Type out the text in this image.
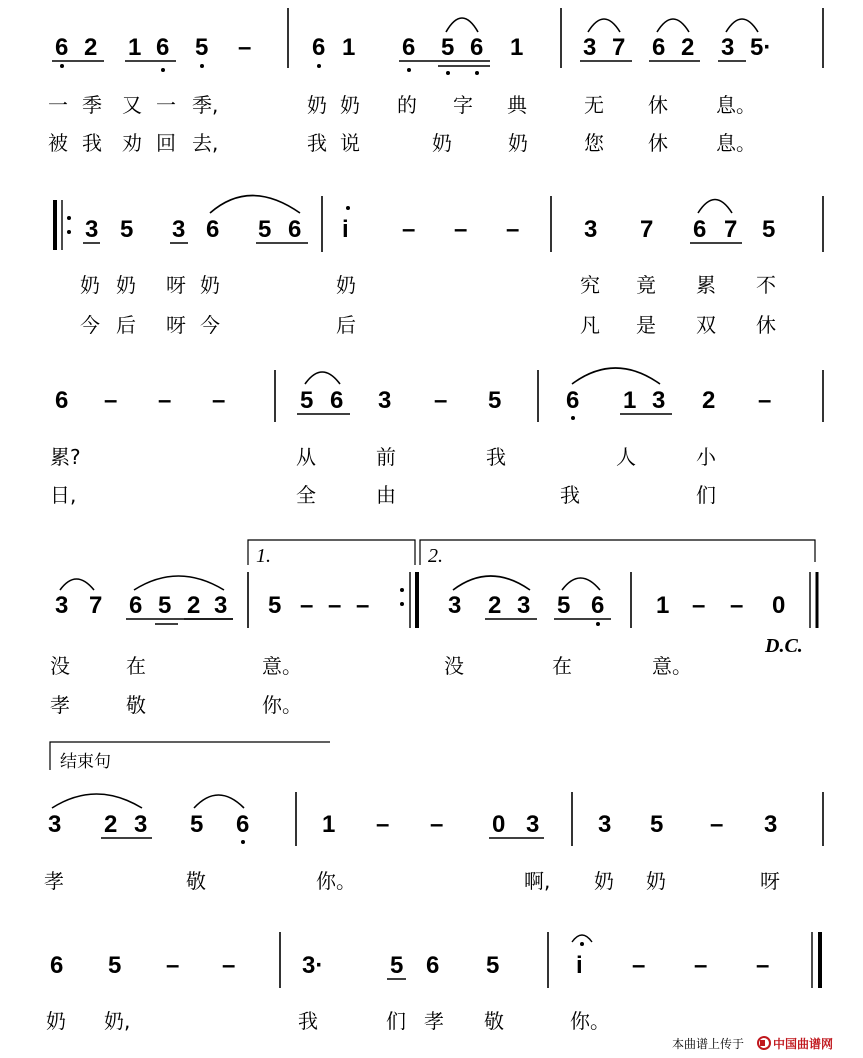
6 2 1 6 5 –	6 1 6 5 6 1 3 7 6 2 3 5·
一 季 又 一 季,	奶 奶 的 字 典	无 休 息。
被 我 劝 回 去,	我 说	奶	奶	您 休 息。
3 5 3 6 5 6 i – – –	3 7 6 7 5
奶 奶 呀 奶	奶	究 竟 累 不
今 后 呀 今	后	凡 是 双 休
6 – – –	5 6 3 – 5	6 1 3 2 –
累?	从	前	我	人	小
日,	全	由	我	们
1.	2.
3 7 6 5 2 3 5 – – –	3 2 3 5 6 1 – – 0
D.C.
没	在	意。	没	在	意。
孝	敬	你。
结束句
3 2 3 5 6	1 – – 0 3 3 5 – 3
孝	敬	你。	啊, 奶 奶	呀
6 5 – –	3·	5 6 5	i – – –
奶 奶,	我	们 孝 敬	你。
本曲谱上传于 中国曲谱网
